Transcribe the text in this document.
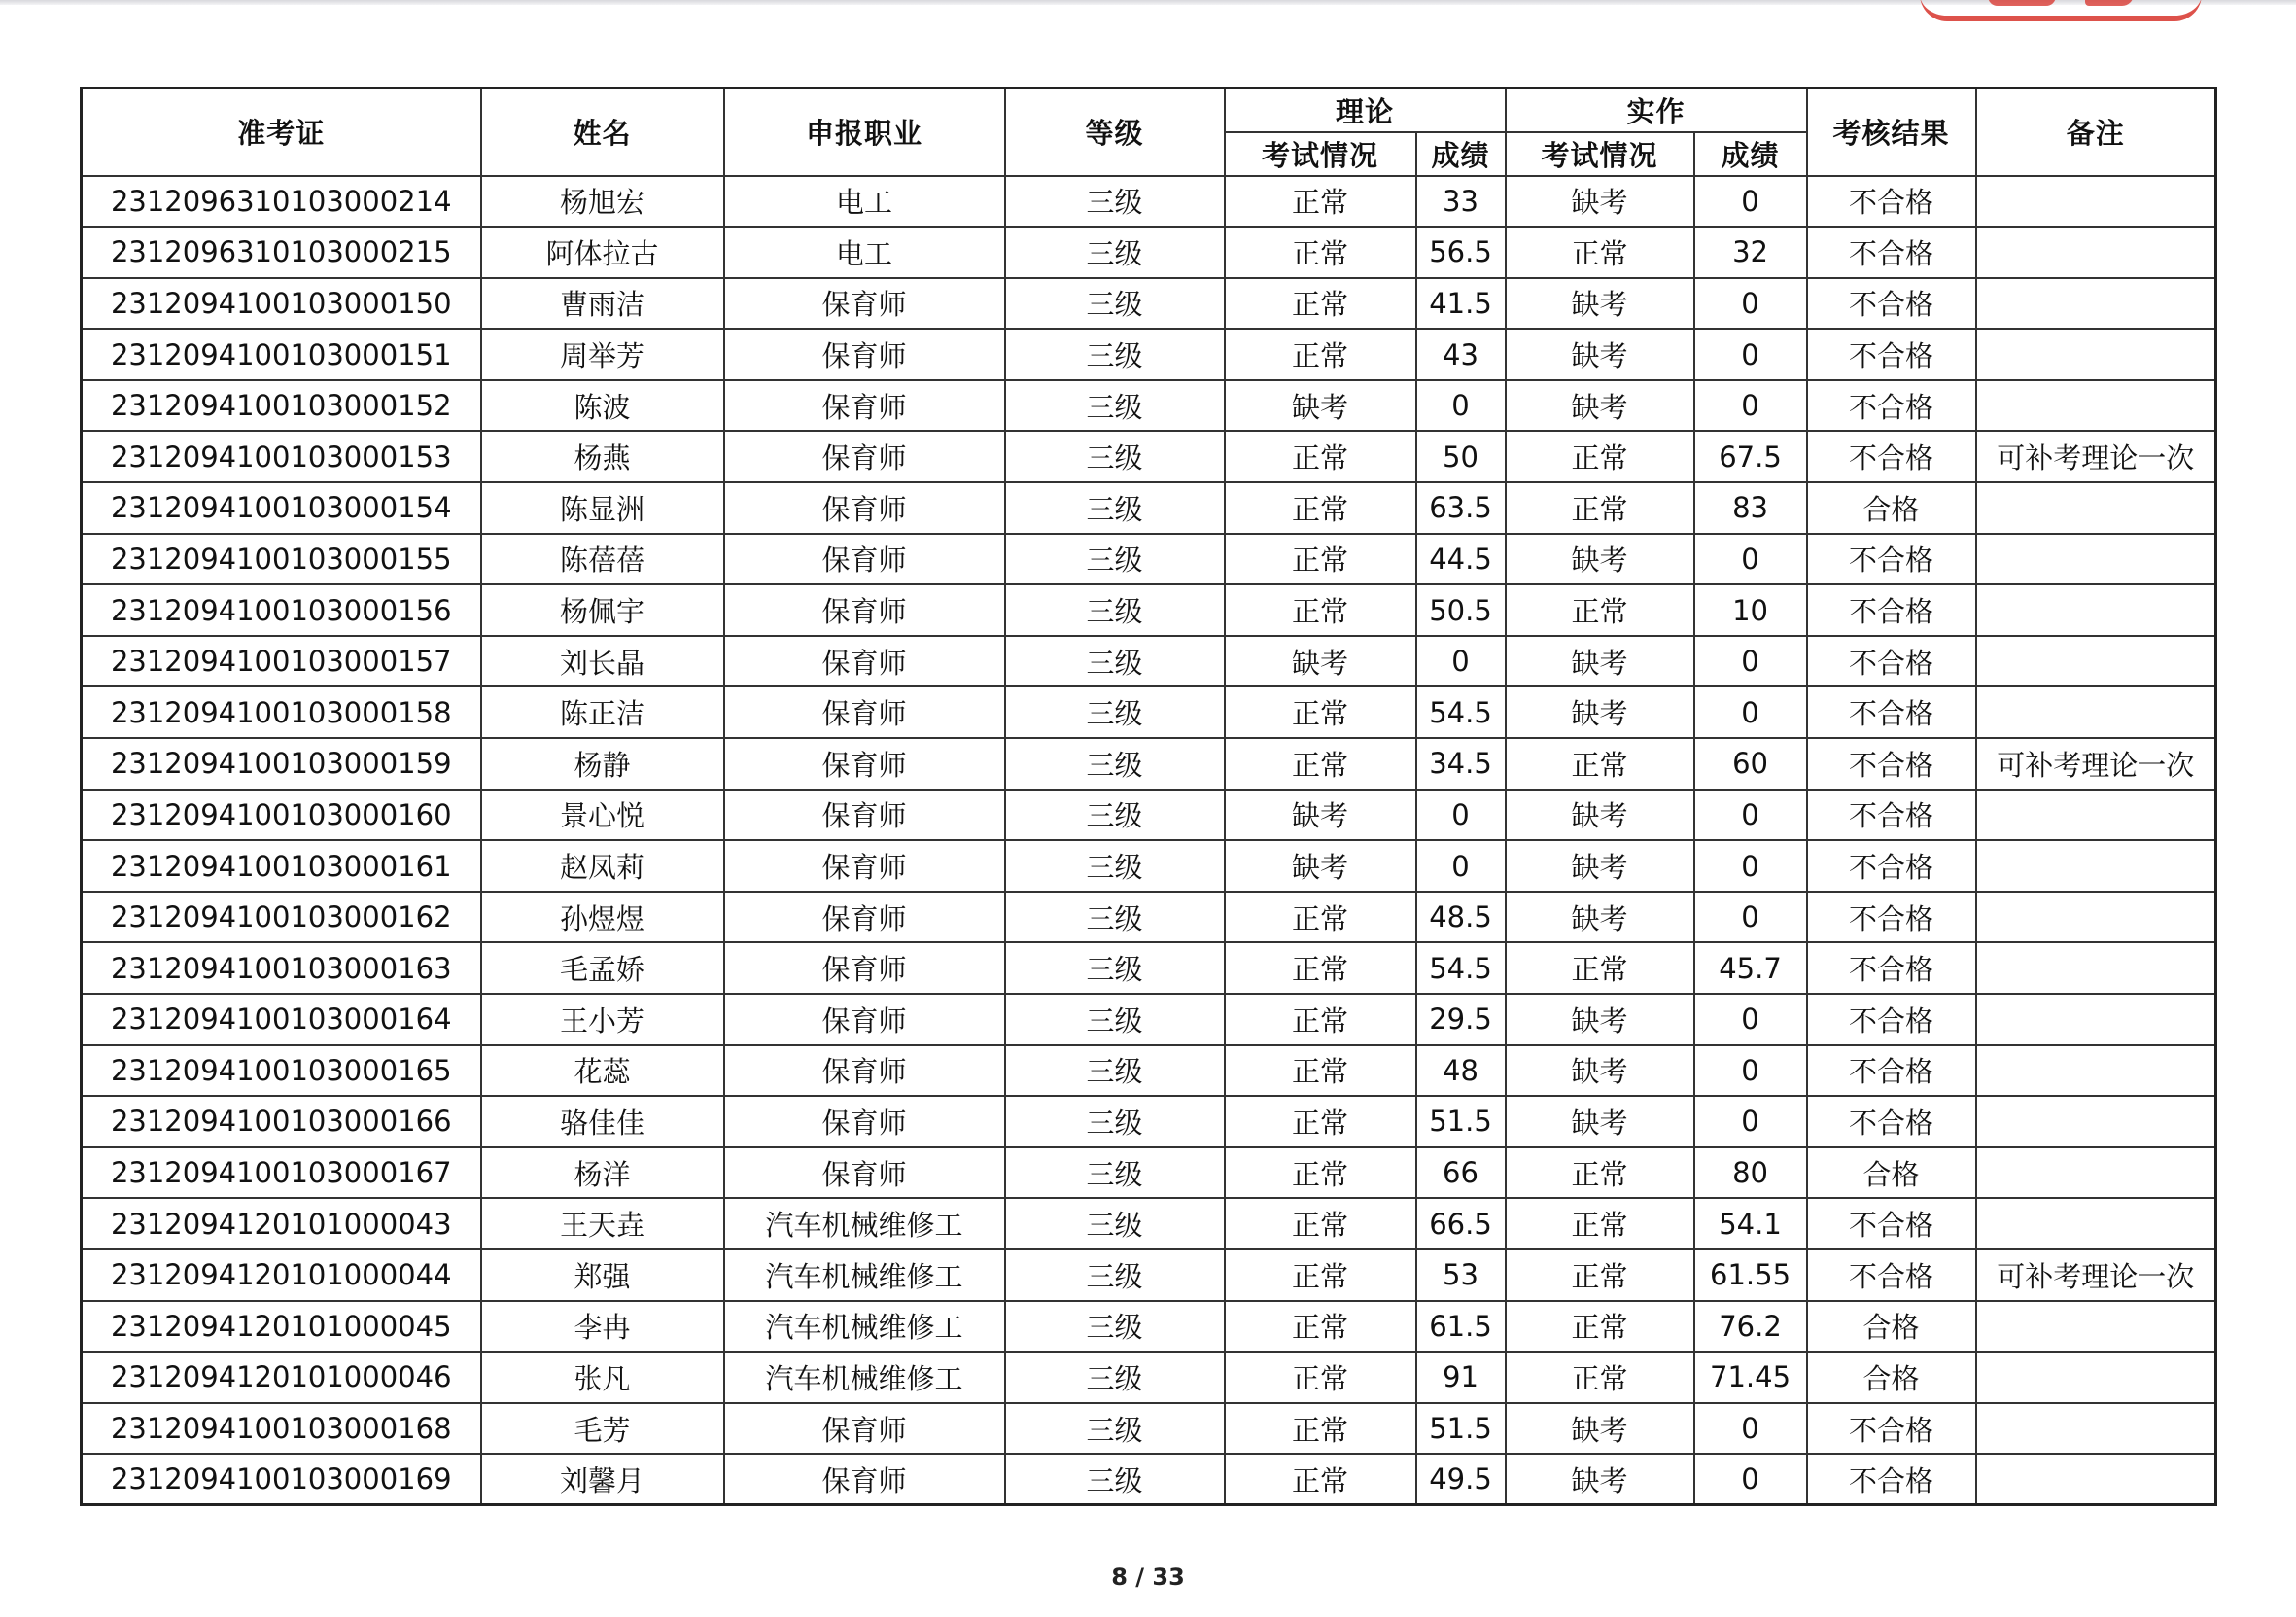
准考证	姓名	申报职业	等级	理论		实作		考核结果	备注
				考试情况	成绩	考试情况	成绩		
2312096310103000214	杨旭宏	电工	三级	正常	33	缺考	0	不合格	
2312096310103000215	阿体拉古	电工	三级	正常	56.5	正常	32	不合格	
2312094100103000150	曹雨洁	保育师	三级	正常	41.5	缺考	0	不合格	
2312094100103000151	周举芳	保育师	三级	正常	43	缺考	0	不合格	
2312094100103000152	陈波	保育师	三级	缺考	0	缺考	0	不合格	
2312094100103000153	杨燕	保育师	三级	正常	50	正常	67.5	不合格	可补考理论一次
2312094100103000154	陈显洲	保育师	三级	正常	63.5	正常	83	合格	
2312094100103000155	陈蓓蓓	保育师	三级	正常	44.5	缺考	0	不合格	
2312094100103000156	杨佩宇	保育师	三级	正常	50.5	正常	10	不合格	
2312094100103000157	刘长晶	保育师	三级	缺考	0	缺考	0	不合格	
2312094100103000158	陈正洁	保育师	三级	正常	54.5	缺考	0	不合格	
2312094100103000159	杨静	保育师	三级	正常	34.5	正常	60	不合格	可补考理论一次
2312094100103000160	景心悦	保育师	三级	缺考	0	缺考	0	不合格	
2312094100103000161	赵凤莉	保育师	三级	缺考	0	缺考	0	不合格	
2312094100103000162	孙煜煜	保育师	三级	正常	48.5	缺考	0	不合格	
2312094100103000163	毛孟娇	保育师	三级	正常	54.5	正常	45.7	不合格	
2312094100103000164	王小芳	保育师	三级	正常	29.5	缺考	0	不合格	
2312094100103000165	花蕊	保育师	三级	正常	48	缺考	0	不合格	
2312094100103000166	骆佳佳	保育师	三级	正常	51.5	缺考	0	不合格	
2312094100103000167	杨洋	保育师	三级	正常	66	正常	80	合格	
2312094120101000043	王天垚	汽车机械维修工	三级	正常	66.5	正常	54.1	不合格	
2312094120101000044	郑强	汽车机械维修工	三级	正常	53	正常	61.55	不合格	可补考理论一次
2312094120101000045	李冉	汽车机械维修工	三级	正常	61.5	正常	76.2	合格	
2312094120101000046	张凡	汽车机械维修工	三级	正常	91	正常	71.45	合格	
2312094100103000168	毛芳	保育师	三级	正常	51.5	缺考	0	不合格	
2312094100103000169	刘馨月	保育师	三级	正常	49.5	缺考	0	不合格	
8 / 33
